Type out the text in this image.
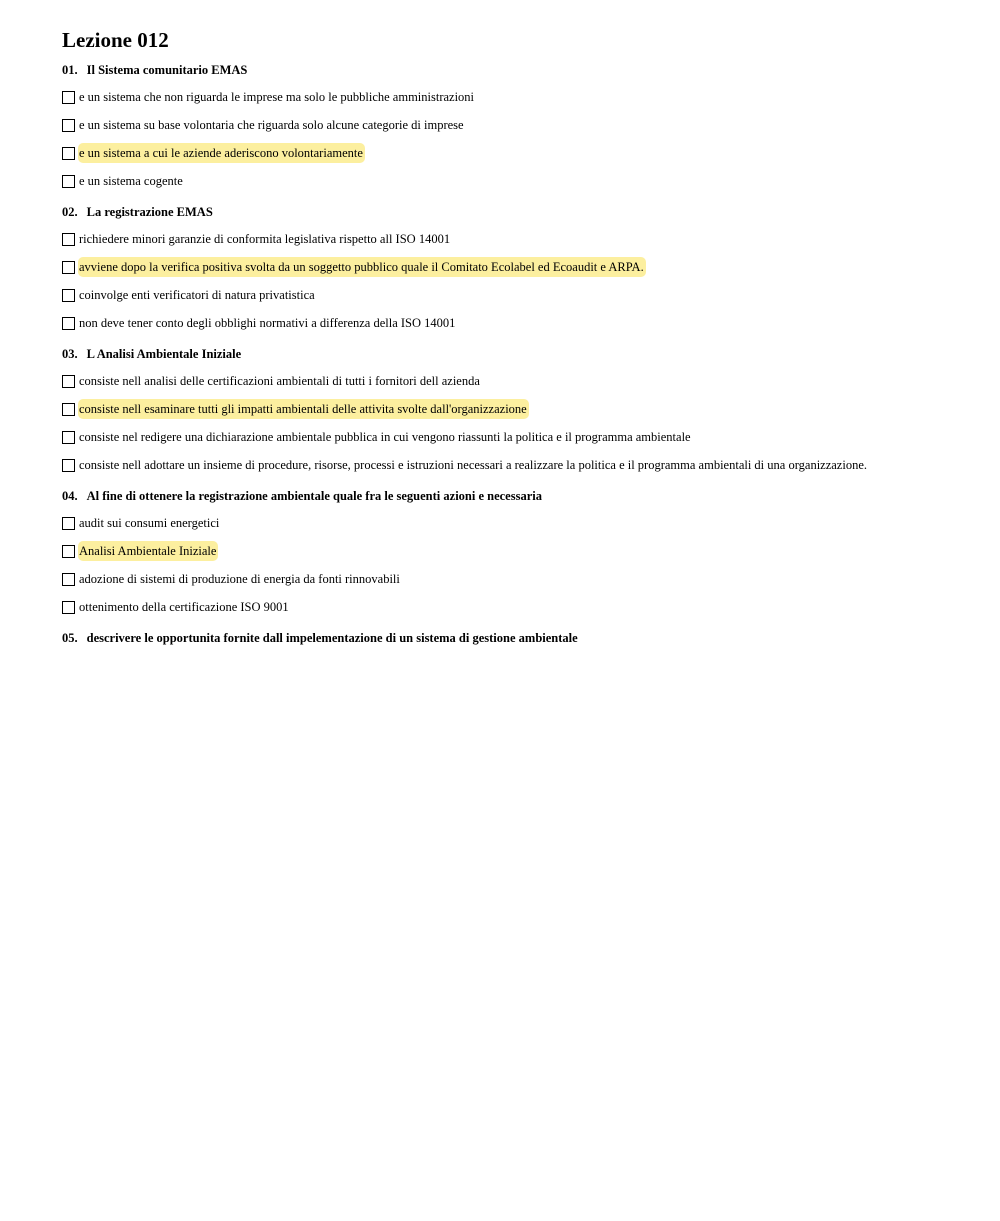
Lezione 012
01. Il Sistema comunitario EMAS
e un sistema che non riguarda le imprese ma solo le pubbliche amministrazioni
e un sistema su base volontaria che riguarda solo alcune categorie di imprese
e un sistema a cui le aziende aderiscono volontariamente
e un sistema cogente
02. La registrazione EMAS
richiedere minori garanzie di conformita legislativa rispetto all ISO 14001
avviene dopo la verifica positiva svolta da un soggetto pubblico quale il Comitato Ecolabel ed Ecoaudit e ARPA.
coinvolge enti verificatori di natura privatistica
non deve tener conto degli obblighi normativi a differenza della ISO 14001
03. L Analisi Ambientale Iniziale
consiste nell analisi delle certificazioni ambientali di tutti i fornitori dell azienda
consiste nell esaminare tutti gli impatti ambientali delle attivita svolte dall'organizzazione
consiste nel redigere una dichiarazione ambientale pubblica in cui vengono riassunti la politica e il programma ambientale
consiste nell adottare un insieme di procedure, risorse, processi e istruzioni necessari a realizzare la politica e il programma ambientali di una organizzazione.
04. Al fine di ottenere la registrazione ambientale quale fra le seguenti azioni e necessaria
audit sui consumi energetici
Analisi Ambientale Iniziale
adozione di sistemi di produzione di energia da fonti rinnovabili
ottenimento della certificazione ISO 9001
05. descrivere le opportunita fornite dall impelementazione di un sistema di gestione ambientale
